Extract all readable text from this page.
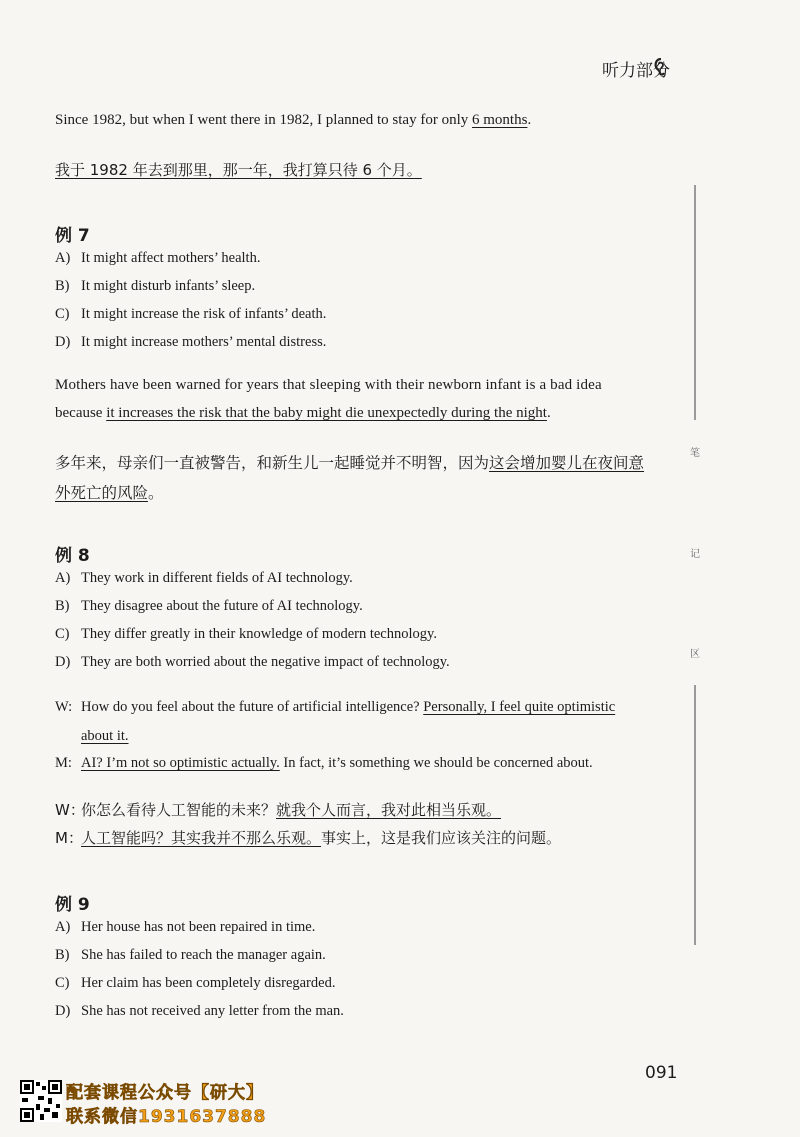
听力部分
Since 1982, but when I went there in 1982, I planned to stay for only 6 months.
我于 1982 年去到那里，那一年，我打算只待 6 个月。
例 7
A) It might affect mothers’ health.
B) It might disturb infants’ sleep.
C) It might increase the risk of infants’ death.
D) It might increase mothers’ mental distress.
Mothers have been warned for years that sleeping with their newborn infant is a bad idea
because it increases the risk that the baby might die unexpectedly during the night.
多年来，母亲们一直被警告，和新生儿一起睡觉并不明智，因为这会增加婴儿在夜间意
外死亡的风险。
例 8
A) They work in different fields of AI technology.
B) They disagree about the future of AI technology.
C) They differ greatly in their knowledge of modern technology.
D) They are both worried about the negative impact of technology.
W: How do you feel about the future of artificial intelligence? Personally, I feel quite optimistic
about it.
M: AI? I’m not so optimistic actually. In fact, it’s something we should be concerned about.
W：你怎么看待人工智能的未来？就我个人而言，我对此相当乐观。
M：人工智能吗？其实我并不那么乐观。事实上，这是我们应该关注的问题。
例 9
A) Her house has not been repaired in time.
B) She has failed to reach the manager again.
C) Her claim has been completely disregarded.
D) She has not received any letter from the man.
笔
记
区
091
配套课程公众号【研大】
联系微信1931637888
